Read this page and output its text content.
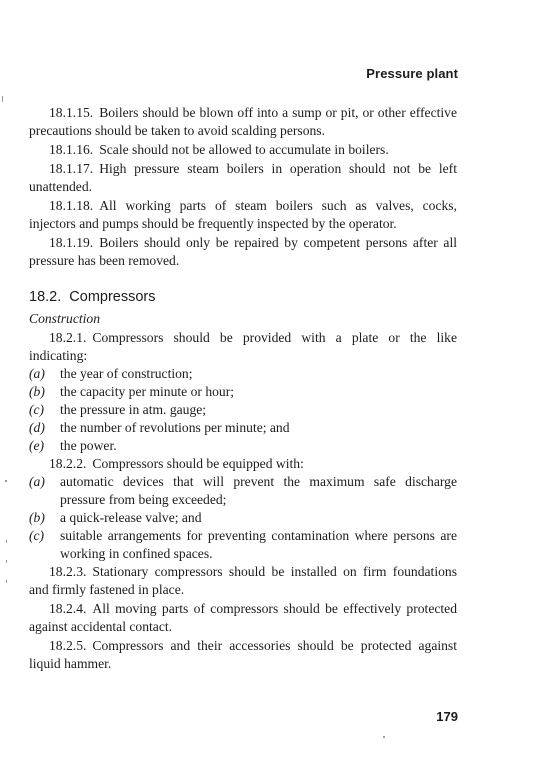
Pressure plant

18.1.15. Boilers should be blown off into a sump or pit, or other effective precautions should be taken to avoid scalding persons.

18.1.16. Scale should not be allowed to accumulate in boilers.

18.1.17. High pressure steam boilers in operation should not be left unattended.

18.1.18. All working parts of steam boilers such as valves, cocks, injectors and pumps should be frequently inspected by the operator.

18.1.19. Boilers should only be repaired by competent persons after all pressure has been removed.

18.2. Compressors
Construction

18.2.1. Compressors should be provided with a plate or the like indicating:

(a) the year of construction;

(b) the capacity per minute or hour;

(c) the pressure in atm. gauge;

(d) the number of revolutions per minute; and

(e) the power.

18.2.2. Compressors should be equipped with:

(a) automatic devices that will prevent the maximum safe discharge pressure from being exceeded;

(b) a quick-release valve; and

(c) suitable arrangements for preventing contamination where persons are working in confined spaces.

18.2.3. Stationary compressors should be installed on firm foundations and firmly fastened in place.

18.2.4. All moving parts of compressors should be effectively protected against accidental contact.

18.2.5. Compressors and their accessories should be protected against liquid hammer.

179
